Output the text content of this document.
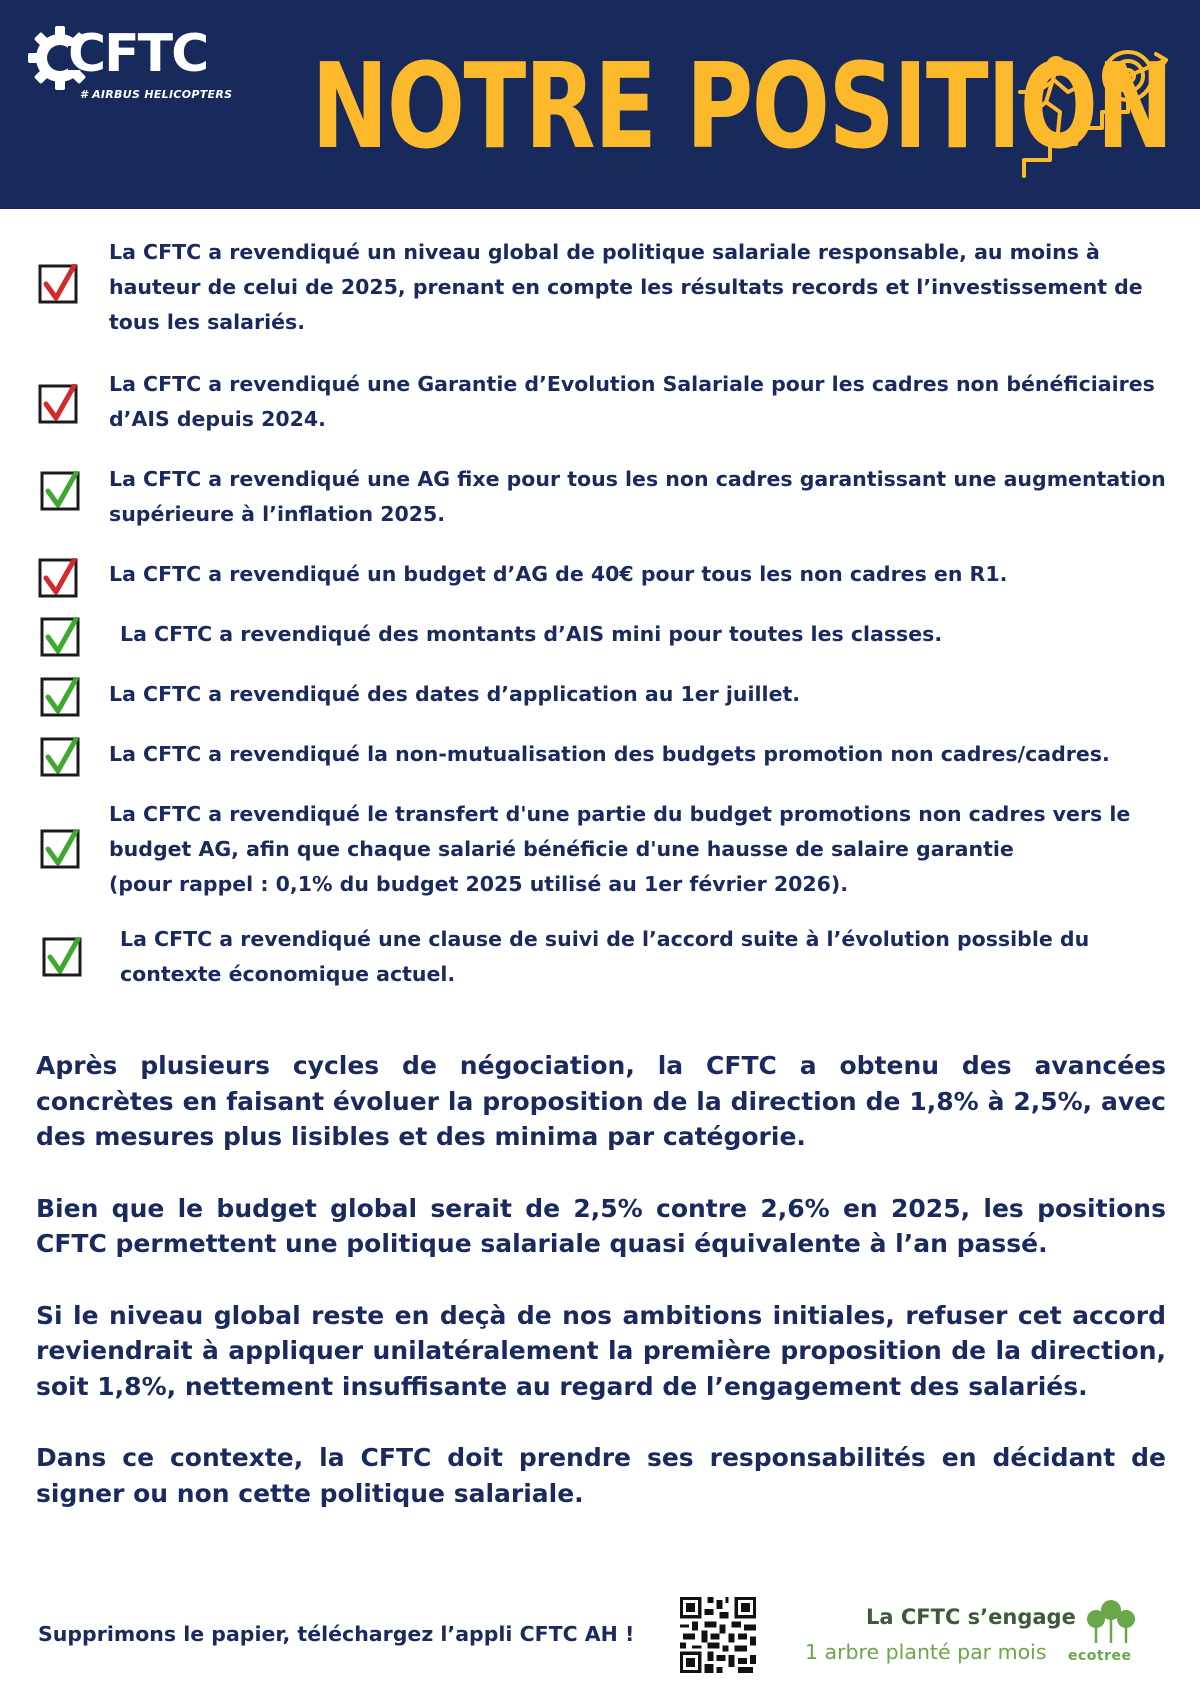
CFTC
# AIRBUS HELICOPTERS NOTRE POSITION
La CFTC a revendiqué un niveau global de politique salariale responsable, au moins à
hauteur de celui de 2025, prenant en compte les résultats records et l’investissement de
tous les salariés.
La CFTC a revendiqué une Garantie d’Evolution Salariale pour les cadres non bénéficiaires
d’AIS depuis 2024.
La CFTC a revendiqué une AG fixe pour tous les non cadres garantissant une augmentation
supérieure à l’inflation 2025.
La CFTC a revendiqué un budget d’AG de 40€ pour tous les non cadres en R1.
La CFTC a revendiqué des montants d’AIS mini pour toutes les classes.
La CFTC a revendiqué des dates d’application au 1er juillet.
La CFTC a revendiqué la non-mutualisation des budgets promotion non cadres/cadres.
La CFTC a revendiqué le transfert d'une partie du budget promotions non cadres vers le
budget AG, afin que chaque salarié bénéficie d'une hausse de salaire garantie
(pour rappel : 0,1% du budget 2025 utilisé au 1er février 2026).
La CFTC a revendiqué une clause de suivi de l’accord suite à l’évolution possible du
contexte économique actuel.

Après plusieurs cycles de négociation, la CFTC a obtenu des avancées concrètes en faisant évoluer la proposition de la direction de 1,8% à 2,5%, avec des mesures plus lisibles et des minima par catégorie.

Bien que le budget global serait de 2,5% contre 2,6% en 2025, les positions CFTC permettent une politique salariale quasi équivalente à l’an passé.

Si le niveau global reste en deçà de nos ambitions initiales, refuser cet accord reviendrait à appliquer unilatéralement la première proposition de la direction, soit 1,8%, nettement insuffisante au regard de l’engagement des salariés.

Dans ce contexte, la CFTC doit prendre ses responsabilités en décidant de signer ou non cette politique salariale.

Supprimons le papier, téléchargez l’appli CFTC AH !
La CFTC s’engage
1 arbre planté par mois ecotree
